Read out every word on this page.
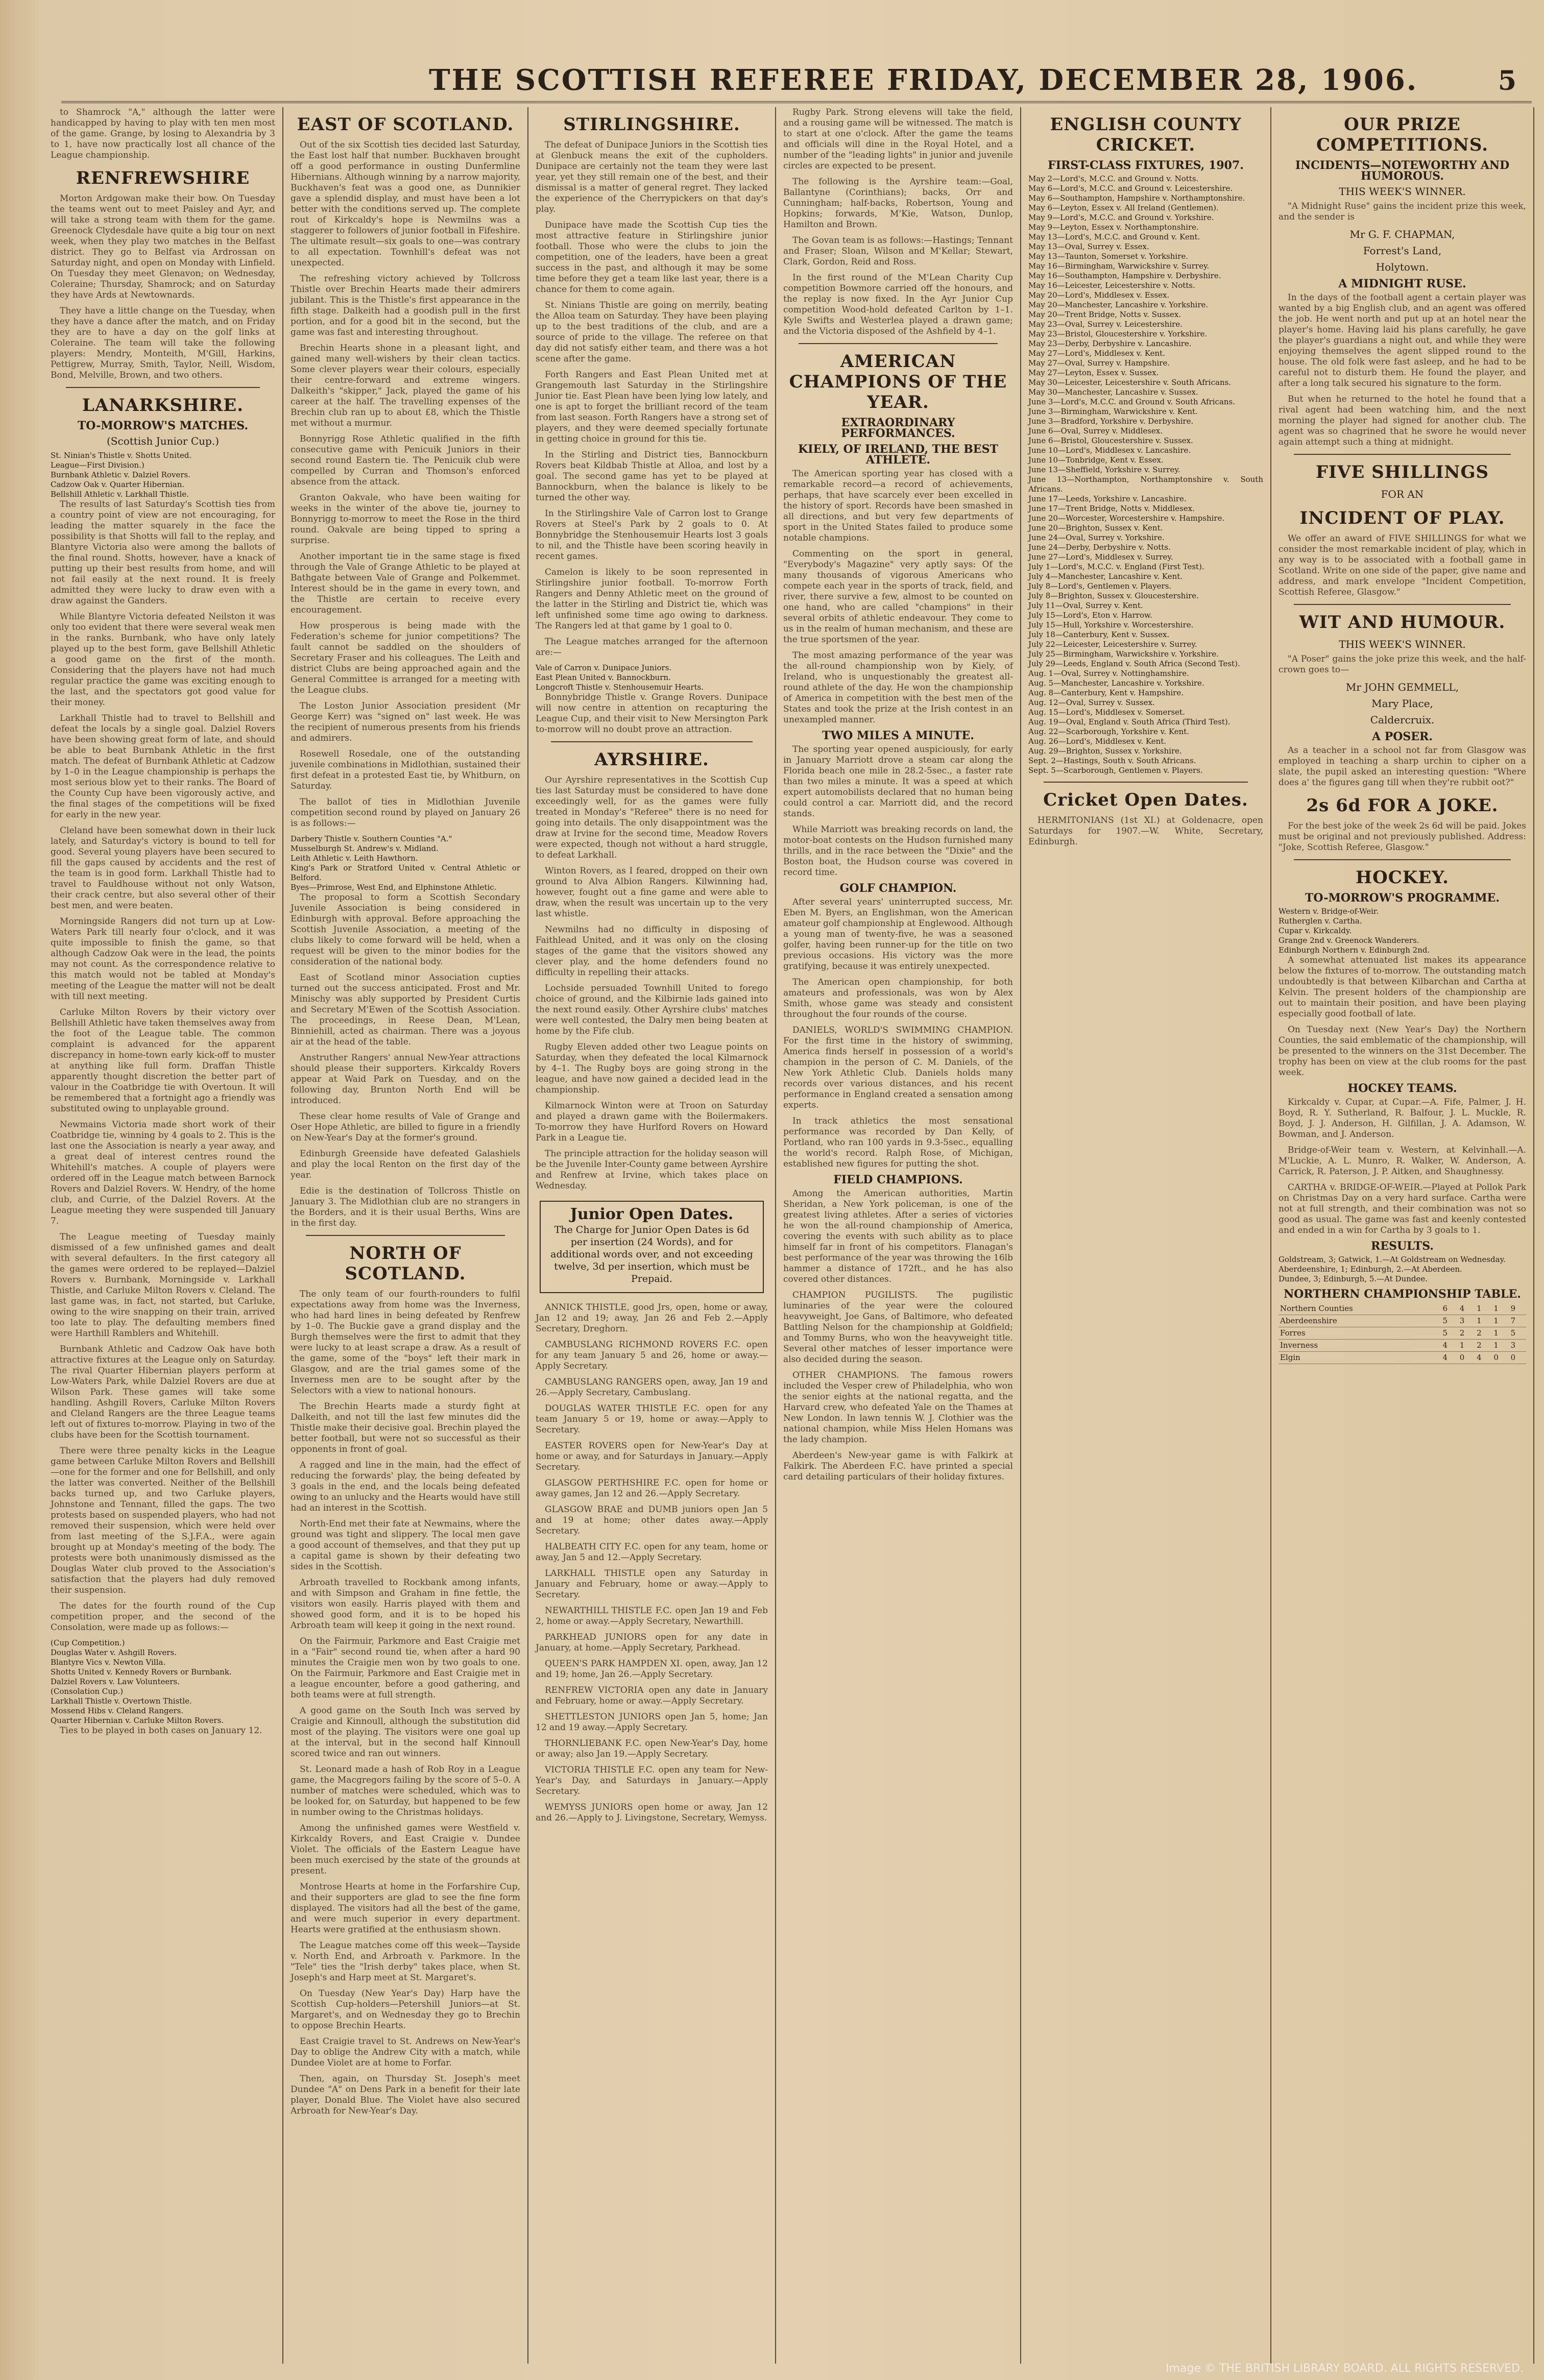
THE SCOTTISH REFEREE FRIDAY, DECEMBER 28, 1906.	5

to Shamrock "A," although the latter were handicapped by having to play with ten men most of the game. Grange, by losing to Alexandria by 3 to 1, have now practically lost all chance of the League championship.

RENFREWSHIRE

Morton Ardgowan make their bow. On Tuesday the teams went out to meet Paisley and Ayr, and will take a strong team with them for the game. Greenock Clydesdale have quite a big tour on next week, when they play two matches in the Belfast district. They go to Belfast via Ardrossan on Saturday night, and open on Monday with Linfield. On Tuesday they meet Glenavon; on Wednesday, Coleraine; Thursday, Shamrock; and on Saturday they have Ards at Newtownards.

They have a little change on the Tuesday, when they have a dance after the match, and on Friday they are to have a day on the golf links at Coleraine. The team will take the following players: Mendry, Monteith, M'Gill, Harkins, Pettigrew, Murray, Smith, Taylor, Neill, Wisdom, Bond, Melville, Brown, and two others.

LANARKSHIRE.
TO-MORROW'S MATCHES.
(Scottish Junior Cup.)

St. Ninian's Thistle v. Shotts United.

League—First Division.)

Burnbank Athletic v. Dalziel Rovers.

Cadzow Oak v. Quarter Hibernian.

Bellshill Athletic v. Larkhall Thistle.

The results of last Saturday's Scottish ties from a country point of view are not encouraging, for leading the matter squarely in the face the possibility is that Shotts will fall to the replay, and Blantyre Victoria also were among the ballots of the final round. Shotts, however, have a knack of putting up their best results from home, and will not fail easily at the next round. It is freely admitted they were lucky to draw even with a draw against the Ganders.

While Blantyre Victoria defeated Neilston it was only too evident that there were several weak men in the ranks. Burnbank, who have only lately played up to the best form, gave Bellshill Athletic a good game on the first of the month. Considering that the players have not had much regular practice the game was exciting enough to the last, and the spectators got good value for their money.

Larkhall Thistle had to travel to Bellshill and defeat the locals by a single goal. Dalziel Rovers have been showing great form of late, and should be able to beat Burnbank Athletic in the first match. The defeat of Burnbank Athletic at Cadzow by 1–0 in the League championship is perhaps the most serious blow yet to their ranks. The Board of the County Cup have been vigorously active, and the final stages of the competitions will be fixed for early in the new year.

Cleland have been somewhat down in their luck lately, and Saturday's victory is bound to tell for good. Several young players have been secured to fill the gaps caused by accidents and the rest of the team is in good form. Larkhall Thistle had to travel to Fauldhouse without not only Watson, their crack centre, but also several other of their best men, and were beaten.

Morningside Rangers did not turn up at Low-Waters Park till nearly four o'clock, and it was quite impossible to finish the game, so that although Cadzow Oak were in the lead, the points may not count. As the correspondence relative to this match would not be tabled at Monday's meeting of the League the matter will not be dealt with till next meeting.

Carluke Milton Rovers by their victory over Bellshill Athletic have taken themselves away from the foot of the League table. The common complaint is advanced for the apparent discrepancy in home-town early kick-off to muster at anything like full form. Draffan Thistle apparently thought discretion the better part of valour in the Coatbridge tie with Overtoun. It will be remembered that a fortnight ago a friendly was substituted owing to unplayable ground.

Newmains Victoria made short work of their Coatbridge tie, winning by 4 goals to 2. This is the last one the Association is nearly a year away, and a great deal of interest centres round the Whitehill's matches. A couple of players were ordered off in the League match between Barnock Rovers and Dalziel Rovers. W. Hendry, of the home club, and Currie, of the Dalziel Rovers. At the League meeting they were suspended till January 7.

The League meeting of Tuesday mainly dismissed of a few unfinished games and dealt with several defaulters. In the first category all the games were ordered to be replayed—Dalziel Rovers v. Burnbank, Morningside v. Larkhall Thistle, and Carluke Milton Rovers v. Cleland. The last game was, in fact, not started, but Carluke, owing to the wire snapping on their train, arrived too late to play. The defaulting members fined were Harthill Ramblers and Whitehill.

Burnbank Athletic and Cadzow Oak have both attractive fixtures at the League only on Saturday. The rival Quarter Hibernian players perform at Low-Waters Park, while Dalziel Rovers are due at Wilson Park. These games will take some handling. Ashgill Rovers, Carluke Milton Rovers and Cleland Rangers are the three League teams left out of fixtures to-morrow. Playing in two of the clubs have been for the Scottish tournament.

There were three penalty kicks in the League game between Carluke Milton Rovers and Bellshill—one for the former and one for Bellshill, and only the latter was converted. Neither of the Bellshill backs turned up, and two Carluke players, Johnstone and Tennant, filled the gaps. The two protests based on suspended players, who had not removed their suspension, which were held over from last meeting of the S.J.F.A., were again brought up at Monday's meeting of the body. The protests were both unanimously dismissed as the Douglas Water club proved to the Association's satisfaction that the players had duly removed their suspension.

The dates for the fourth round of the Cup competition proper, and the second of the Consolation, were made up as follows:—

(Cup Competition.)

Douglas Water v. Ashgill Rovers.

Blantyre Vics v. Newton Villa.

Shotts United v. Kennedy Rovers or Burnbank.

Dalziel Rovers v. Law Volunteers.

(Consolation Cup.)

Larkhall Thistle v. Overtown Thistle.

Mossend Hibs v. Cleland Rangers.

Quarter Hibernian v. Carluke Milton Rovers.

Ties to be played in both cases on January 12.

EAST OF SCOTLAND.

Out of the six Scottish ties decided last Saturday, the East lost half that number. Buckhaven brought off a good performance in ousting Dunfermline Hibernians. Although winning by a narrow majority, Buckhaven's feat was a good one, as Dunnikier gave a splendid display, and must have been a lot better with the conditions served up. The complete rout of Kirkcaldy's hope is Newmilns was a staggerer to followers of junior football in Fifeshire. The ultimate result—six goals to one—was contrary to all expectation. Townhill's defeat was not unexpected.

The refreshing victory achieved by Tollcross Thistle over Brechin Hearts made their admirers jubilant. This is the Thistle's first appearance in the fifth stage. Dalkeith had a goodish pull in the first portion, and for a good bit in the second, but the game was fast and interesting throughout.

Brechin Hearts shone in a pleasant light, and gained many well-wishers by their clean tactics. Some clever players wear their colours, especially their centre-forward and extreme wingers. Dalkeith's "skipper," Jack, played the game of his career at the half. The travelling expenses of the Brechin club ran up to about £8, which the Thistle met without a murmur.

Bonnyrigg Rose Athletic qualified in the fifth consecutive game with Penicuik Juniors in their second round Eastern tie. The Penicuik club were compelled by Curran and Thomson's enforced absence from the attack.

Granton Oakvale, who have been waiting for weeks in the winter of the above tie, journey to Bonnyrigg to-morrow to meet the Rose in the third round. Oakvale are being tipped to spring a surprise.

Another important tie in the same stage is fixed through the Vale of Grange Athletic to be played at Bathgate between Vale of Grange and Polkemmet. Interest should be in the game in every town, and the Thistle are certain to receive every encouragement.

How prosperous is being made with the Federation's scheme for junior competitions? The fault cannot be saddled on the shoulders of Secretary Fraser and his colleagues. The Leith and district Clubs are being approached again and the General Committee is arranged for a meeting with the League clubs.

The Loston Junior Association president (Mr George Kerr) was "signed on" last week. He was the recipient of numerous presents from his friends and admirers.

Rosewell Rosedale, one of the outstanding juvenile combinations in Midlothian, sustained their first defeat in a protested East tie, by Whitburn, on Saturday.

The ballot of ties in Midlothian Juvenile competition second round by played on January 26 is as follows:—

Darbery Thistle v. Southern Counties "A."

Musselburgh St. Andrew's v. Midland.

Leith Athletic v. Leith Hawthorn.

King's Park or Stratford United v. Central Athletic or Belford.

Byes—Primrose, West End, and Elphinstone Athletic.

The proposal to form a Scottish Secondary Juvenile Association is being considered in Edinburgh with approval. Before approaching the Scottish Juvenile Association, a meeting of the clubs likely to come forward will be held, when a request will be given to the minor bodies for the consideration of the national body.

East of Scotland minor Association cupties turned out the success anticipated. Frost and Mr. Minischy was ably supported by President Curtis and Secretary M'Ewen of the Scottish Association. The proceedings, in Reese Dean, M'Lean, Binniehill, acted as chairman. There was a joyous air at the head of the table.

Anstruther Rangers' annual New-Year attractions should please their supporters. Kirkcaldy Rovers appear at Waid Park on Tuesday, and on the following day, Brunton North End will be introduced.

These clear home results of Vale of Grange and Oser Hope Athletic, are billed to figure in a friendly on New-Year's Day at the former's ground.

Edinburgh Greenside have defeated Galashiels and play the local Renton on the first day of the year.

Edie is the destination of Tollcross Thistle on January 3. The Midlothian club are no strangers in the Borders, and it is their usual Berths, Wins are in the first day.

NORTH OF SCOTLAND.

The only team of our fourth-rounders to fulfil expectations away from home was the Inverness, who had hard lines in being defeated by Renfrew by 1–0. The Buckie gave a grand display and the Burgh themselves were the first to admit that they were lucky to at least scrape a draw. As a result of the game, some of the "boys" left their mark in Glasgow, and are the trial games some of the Inverness men are to be sought after by the Selectors with a view to national honours.

The Brechin Hearts made a sturdy fight at Dalkeith, and not till the last few minutes did the Thistle make their decisive goal. Brechin played the better football, but were not so successful as their opponents in front of goal.

A ragged and line in the main, had the effect of reducing the forwards' play, the being defeated by 3 goals in the end, and the locals being defeated owing to an unlucky and the Hearts would have still had an interest in the Scottish.

North-End met their fate at Newmains, where the ground was tight and slippery. The local men gave a good account of themselves, and that they put up a capital game is shown by their defeating two sides in the Scottish.

Arbroath travelled to Rockbank among infants, and with Simpson and Graham in fine fettle, the visitors won easily. Harris played with them and showed good form, and it is to be hoped his Arbroath team will keep it going in the next round.

On the Fairmuir, Parkmore and East Craigie met in a "Fair" second round tie, when after a hard 90 minutes the Craigie men won by two goals to one. On the Fairmuir, Parkmore and East Craigie met in a league encounter, before a good gathering, and both teams were at full strength.

A good game on the South Inch was served by Craigie and Kinnoull, although the substitution did most of the playing. The visitors were one goal up at the interval, but in the second half Kinnoull scored twice and ran out winners.

St. Leonard made a hash of Rob Roy in a League game, the Macgregors failing by the score of 5–0. A number of matches were scheduled, which was to be looked for, on Saturday, but happened to be few in number owing to the Christmas holidays.

Among the unfinished games were Westfield v. Kirkcaldy Rovers, and East Craigie v. Dundee Violet. The officials of the Eastern League have been much exercised by the state of the grounds at present.

Montrose Hearts at home in the Forfarshire Cup, and their supporters are glad to see the fine form displayed. The visitors had all the best of the game, and were much superior in every department. Hearts were gratified at the enthusiasm shown.

The League matches come off this week—Tayside v. North End, and Arbroath v. Parkmore. In the "Tele" ties the "Irish derby" takes place, when St. Joseph's and Harp meet at St. Margaret's.

On Tuesday (New Year's Day) Harp have the Scottish Cup-holders—Petershill Juniors—at St. Margaret's, and on Wednesday they go to Brechin to oppose Brechin Hearts.

East Craigie travel to St. Andrews on New-Year's Day to oblige the Andrew City with a match, while Dundee Violet are at home to Forfar.

Then, again, on Thursday St. Joseph's meet Dundee "A" on Dens Park in a benefit for their late player, Donald Blue. The Violet have also secured Arbroath for New-Year's Day.

STIRLINGSHIRE.

The defeat of Dunipace Juniors in the Scottish ties at Glenbuck means the exit of the cupholders. Dunipace are certainly not the team they were last year, yet they still remain one of the best, and their dismissal is a matter of general regret. They lacked the experience of the Cherrypickers on that day's play.

Dunipace have made the Scottish Cup ties the most attractive feature in Stirlingshire junior football. Those who were the clubs to join the competition, one of the leaders, have been a great success in the past, and although it may be some time before they get a team like last year, there is a chance for them to come again.

St. Ninians Thistle are going on merrily, beating the Alloa team on Saturday. They have been playing up to the best traditions of the club, and are a source of pride to the village. The referee on that day did not satisfy either team, and there was a hot scene after the game.

Forth Rangers and East Plean United met at Grangemouth last Saturday in the Stirlingshire Junior tie. East Plean have been lying low lately, and one is apt to forget the brilliant record of the team from last season. Forth Rangers have a strong set of players, and they were deemed specially fortunate in getting choice in ground for this tie.

In the Stirling and District ties, Bannockburn Rovers beat Kildbab Thistle at Alloa, and lost by a goal. The second game has yet to be played at Bannockburn, when the balance is likely to be turned the other way.

In the Stirlingshire Vale of Carron lost to Grange Rovers at Steel's Park by 2 goals to 0. At Bonnybridge the Stenhousemuir Hearts lost 3 goals to nil, and the Thistle have been scoring heavily in recent games.

Camelon is likely to be soon represented in Stirlingshire junior football. To-morrow Forth Rangers and Denny Athletic meet on the ground of the latter in the Stirling and District tie, which was left unfinished some time ago owing to darkness. The Rangers led at that game by 1 goal to 0.

The League matches arranged for the afternoon are:—

Vale of Carron v. Dunipace Juniors.

East Plean United v. Bannockburn.

Longcroft Thistle v. Stenhousemuir Hearts.

Bonnybridge Thistle v. Grange Rovers. Dunipace will now centre in attention on recapturing the League Cup, and their visit to New Mersington Park to-morrow will no doubt prove an attraction.

AYRSHIRE.

Our Ayrshire representatives in the Scottish Cup ties last Saturday must be considered to have done exceedingly well, for as the games were fully treated in Monday's "Referee" there is no need for going into details. The only disappointment was the draw at Irvine for the second time, Meadow Rovers were expected, though not without a hard struggle, to defeat Larkhall.

Winton Rovers, as I feared, dropped on their own ground to Alva Albion Rangers. Kilwinning had, however, fought out a fine game and were able to draw, when the result was uncertain up to the very last whistle.

Newmilns had no difficulty in disposing of Faithlead United, and it was only on the closing stages of the game that the visitors showed any clever play, and the home defenders found no difficulty in repelling their attacks.

Lochside persuaded Townhill United to forego choice of ground, and the Kilbirnie lads gained into the next round easily. Other Ayrshire clubs' matches were well contested, the Dalry men being beaten at home by the Fife club.

Rugby Eleven added other two League points on Saturday, when they defeated the local Kilmarnock by 4–1. The Rugby boys are going strong in the league, and have now gained a decided lead in the championship.

Kilmarnock Winton were at Troon on Saturday and played a drawn game with the Boilermakers. To-morrow they have Hurlford Rovers on Howard Park in a League tie.

The principle attraction for the holiday season will be the Juvenile Inter-County game between Ayrshire and Renfrew at Irvine, which takes place on Wednesday.

Junior Open Dates.
The Charge for Junior Open Dates is 6d per insertion (24 Words), and for additional words over, and not exceeding twelve, 3d per insertion, which must be Prepaid.

ANNICK THISTLE, good Jrs, open, home or away, Jan 12 and 19; away, Jan 26 and Feb 2.—Apply Secretary, Dreghorn.

CAMBUSLANG RICHMOND ROVERS F.C. open for any team January 5 and 26, home or away.—Apply Secretary.

CAMBUSLANG RANGERS open, away, Jan 19 and 26.—Apply Secretary, Cambuslang.

DOUGLAS WATER THISTLE F.C. open for any team January 5 or 19, home or away.—Apply to Secretary.

EASTER ROVERS open for New-Year's Day at home or away, and for Saturdays in January.—Apply Secretary.

GLASGOW PERTHSHIRE F.C. open for home or away games, Jan 12 and 26.—Apply Secretary.

GLASGOW BRAE and DUMB juniors open Jan 5 and 19 at home; other dates away.—Apply Secretary.

HALBEATH CITY F.C. open for any team, home or away, Jan 5 and 12.—Apply Secretary.

LARKHALL THISTLE open any Saturday in January and February, home or away.—Apply to Secretary.

NEWARTHILL THISTLE F.C. open Jan 19 and Feb 2, home or away.—Apply Secretary, Newarthill.

PARKHEAD JUNIORS open for any date in January, at home.—Apply Secretary, Parkhead.

QUEEN'S PARK HAMPDEN XI. open, away, Jan 12 and 19; home, Jan 26.—Apply Secretary.

RENFREW VICTORIA open any date in January and February, home or away.—Apply Secretary.

SHETTLESTON JUNIORS open Jan 5, home; Jan 12 and 19 away.—Apply Secretary.

THORNLIEBANK F.C. open New-Year's Day, home or away; also Jan 19.—Apply Secretary.

VICTORIA THISTLE F.C. open any team for New-Year's Day, and Saturdays in January.—Apply Secretary.

WEMYSS JUNIORS open home or away, Jan 12 and 26.—Apply to J. Livingstone, Secretary, Wemyss.

Rugby Park. Strong elevens will take the field, and a rousing game will be witnessed. The match is to start at one o'clock. After the game the teams and officials will dine in the Royal Hotel, and a number of the "leading lights" in junior and juvenile circles are expected to be present.

The following is the Ayrshire team:—Goal, Ballantyne (Corinthians); backs, Orr and Cunningham; half-backs, Robertson, Young and Hopkins; forwards, M'Kie, Watson, Dunlop, Hamilton and Brown.

The Govan team is as follows:—Hastings; Tennant and Fraser; Sloan, Wilson and M'Kellar; Stewart, Clark, Gordon, Reid and Ross.

In the first round of the M'Lean Charity Cup competition Bowmore carried off the honours, and the replay is now fixed. In the Ayr Junior Cup competition Wood-hold defeated Carlton by 1–1. Kyle Swifts and Westerlea played a drawn game; and the Victoria disposed of the Ashfield by 4–1.

AMERICAN CHAMPIONS OF THE YEAR.
EXTRAORDINARY PERFORMANCES.
KIELY, OF IRELAND, THE BEST ATHLETE.

The American sporting year has closed with a remarkable record—a record of achievements, perhaps, that have scarcely ever been excelled in the history of sport. Records have been smashed in all directions, and but very few departments of sport in the United States failed to produce some notable champions.

Commenting on the sport in general, "Everybody's Magazine" very aptly says: Of the many thousands of vigorous Americans who compete each year in the sports of track, field, and river, there survive a few, almost to be counted on one hand, who are called "champions" in their several orbits of athletic endeavour. They come to us in the realm of human mechanism, and these are the true sportsmen of the year.

The most amazing performance of the year was the all-round championship won by Kiely, of Ireland, who is unquestionably the greatest all-round athlete of the day. He won the championship of America in competition with the best men of the States and took the prize at the Irish contest in an unexampled manner.

TWO MILES A MINUTE.

The sporting year opened auspiciously, for early in January Marriott drove a steam car along the Florida beach one mile in 28.2-5sec., a faster rate than two miles a minute. It was a speed at which expert automobilists declared that no human being could control a car. Marriott did, and the record stands.

While Marriott was breaking records on land, the motor-boat contests on the Hudson furnished many thrills, and in the race between the "Dixie" and the Boston boat, the Hudson course was covered in record time.

GOLF CHAMPION.

After several years' uninterrupted success, Mr. Eben M. Byers, an Englishman, won the American amateur golf championship at Englewood. Although a young man of twenty-five, he was a seasoned golfer, having been runner-up for the title on two previous occasions. His victory was the more gratifying, because it was entirely unexpected.

The American open championship, for both amateurs and professionals, was won by Alex Smith, whose game was steady and consistent throughout the four rounds of the course.

DANIELS, WORLD'S SWIMMING CHAMPION. For the first time in the history of swimming, America finds herself in possession of a world's champion in the person of C. M. Daniels, of the New York Athletic Club. Daniels holds many records over various distances, and his recent performance in England created a sensation among experts.

In track athletics the most sensational performance was recorded by Dan Kelly, of Portland, who ran 100 yards in 9.3-5sec., equalling the world's record. Ralph Rose, of Michigan, established new figures for putting the shot.

FIELD CHAMPIONS.

Among the American authorities, Martin Sheridan, a New York policeman, is one of the greatest living athletes. After a series of victories he won the all-round championship of America, covering the events with such ability as to place himself far in front of his competitors. Flanagan's best performance of the year was throwing the 16lb hammer a distance of 172ft., and he has also covered other distances.

CHAMPION PUGILISTS. The pugilistic luminaries of the year were the coloured heavyweight, Joe Gans, of Baltimore, who defeated Battling Nelson for the championship at Goldfield; and Tommy Burns, who won the heavyweight title. Several other matches of lesser importance were also decided during the season.

OTHER CHAMPIONS. The famous rowers included the Vesper crew of Philadelphia, who won the senior eights at the national regatta, and the Harvard crew, who defeated Yale on the Thames at New London. In lawn tennis W. J. Clothier was the national champion, while Miss Helen Homans was the lady champion.

Aberdeen's New-year game is with Falkirk at Falkirk. The Aberdeen F.C. have printed a special card detailing particulars of their holiday fixtures.

ENGLISH COUNTY CRICKET.
FIRST-CLASS FIXTURES, 1907.

May 2—Lord's, M.C.C. and Ground v. Notts.

May 6—Lord's, M.C.C. and Ground v. Leicestershire.

May 6—Southampton, Hampshire v. Northamptonshire.

May 6—Leyton, Essex v. All Ireland (Gentlemen).

May 9—Lord's, M.C.C. and Ground v. Yorkshire.

May 9—Leyton, Essex v. Northamptonshire.

May 13—Lord's, M.C.C. and Ground v. Kent.

May 13—Oval, Surrey v. Essex.

May 13—Taunton, Somerset v. Yorkshire.

May 16—Birmingham, Warwickshire v. Surrey.

May 16—Southampton, Hampshire v. Derbyshire.

May 16—Leicester, Leicestershire v. Notts.

May 20—Lord's, Middlesex v. Essex.

May 20—Manchester, Lancashire v. Yorkshire.

May 20—Trent Bridge, Notts v. Sussex.

May 23—Oval, Surrey v. Leicestershire.

May 23—Bristol, Gloucestershire v. Yorkshire.

May 23—Derby, Derbyshire v. Lancashire.

May 27—Lord's, Middlesex v. Kent.

May 27—Oval, Surrey v. Hampshire.

May 27—Leyton, Essex v. Sussex.

May 30—Leicester, Leicestershire v. South Africans.

May 30—Manchester, Lancashire v. Sussex.

June 3—Lord's, M.C.C. and Ground v. South Africans.

June 3—Birmingham, Warwickshire v. Kent.

June 3—Bradford, Yorkshire v. Derbyshire.

June 6—Oval, Surrey v. Middlesex.

June 6—Bristol, Gloucestershire v. Sussex.

June 10—Lord's, Middlesex v. Lancashire.

June 10—Tonbridge, Kent v. Essex.

June 13—Sheffield, Yorkshire v. Surrey.

June 13—Northampton, Northamptonshire v. South Africans.

June 17—Leeds, Yorkshire v. Lancashire.

June 17—Trent Bridge, Notts v. Middlesex.

June 20—Worcester, Worcestershire v. Hampshire.

June 20—Brighton, Sussex v. Kent.

June 24—Oval, Surrey v. Yorkshire.

June 24—Derby, Derbyshire v. Notts.

June 27—Lord's, Middlesex v. Surrey.

July 1—Lord's, M.C.C. v. England (First Test).

July 4—Manchester, Lancashire v. Kent.

July 8—Lord's, Gentlemen v. Players.

July 8—Brighton, Sussex v. Gloucestershire.

July 11—Oval, Surrey v. Kent.

July 15—Lord's, Eton v. Harrow.

July 15—Hull, Yorkshire v. Worcestershire.

July 18—Canterbury, Kent v. Sussex.

July 22—Leicester, Leicestershire v. Surrey.

July 25—Birmingham, Warwickshire v. Yorkshire.

July 29—Leeds, England v. South Africa (Second Test).

Aug. 1—Oval, Surrey v. Nottinghamshire.

Aug. 5—Manchester, Lancashire v. Yorkshire.

Aug. 8—Canterbury, Kent v. Hampshire.

Aug. 12—Oval, Surrey v. Sussex.

Aug. 15—Lord's, Middlesex v. Somerset.

Aug. 19—Oval, England v. South Africa (Third Test).

Aug. 22—Scarborough, Yorkshire v. Kent.

Aug. 26—Lord's, Middlesex v. Kent.

Aug. 29—Brighton, Sussex v. Yorkshire.

Sept. 2—Hastings, South v. South Africans.

Sept. 5—Scarborough, Gentlemen v. Players.

Cricket Open Dates.

HERMITONIANS (1st XI.) at Goldenacre, open Saturdays for 1907.—W. White, Secretary, Edinburgh.

OUR PRIZE COMPETITIONS.
INCIDENTS—NOTEWORTHY AND HUMOROUS.
THIS WEEK'S WINNER.

"A Midnight Ruse" gains the incident prize this week, and the sender is

Mr G. F. CHAPMAN,
Forrest's Land,
Holytown.
A MIDNIGHT RUSE.

In the days of the football agent a certain player was wanted by a big English club, and an agent was offered the job. He went north and put up at an hotel near the player's home. Having laid his plans carefully, he gave the player's guardians a night out, and while they were enjoying themselves the agent slipped round to the house. The old folk were fast asleep, and he had to be careful not to disturb them. He found the player, and after a long talk secured his signature to the form.

But when he returned to the hotel he found that a rival agent had been watching him, and the next morning the player had signed for another club. The agent was so chagrined that he swore he would never again attempt such a thing at midnight.

FIVE SHILLINGS
FOR AN
INCIDENT OF PLAY.

We offer an award of FIVE SHILLINGS for what we consider the most remarkable incident of play, which in any way is to be associated with a football game in Scotland. Write on one side of the paper, give name and address, and mark envelope "Incident Competition, Scottish Referee, Glasgow."

WIT AND HUMOUR.
THIS WEEK'S WINNER.

"A Poser" gains the joke prize this week, and the half-crown goes to—

Mr JOHN GEMMELL,
Mary Place,
Caldercruix.
A POSER.

As a teacher in a school not far from Glasgow was employed in teaching a sharp urchin to cipher on a slate, the pupil asked an interesting question: "Where does a' the figures gang till when they're rubbit oot?"

2s 6d FOR A JOKE.

For the best joke of the week 2s 6d will be paid. Jokes must be original and not previously published. Address: "Joke, Scottish Referee, Glasgow."

HOCKEY.
TO-MORROW'S PROGRAMME.

Western v. Bridge-of-Weir.

Rutherglen v. Cartha.

Cupar v. Kirkcaldy.

Grange 2nd v. Greenock Wanderers.

Edinburgh Northern v. Edinburgh 2nd.

A somewhat attenuated list makes its appearance below the fixtures of to-morrow. The outstanding match undoubtedly is that between Kilbarchan and Cartha at Kelvin. The present holders of the championship are out to maintain their position, and have been playing especially good football of late.

On Tuesday next (New Year's Day) the Northern Counties, the said emblematic of the championship, will be presented to the winners on the 31st December. The trophy has been on view at the club rooms for the past week.

HOCKEY TEAMS.

Kirkcaldy v. Cupar, at Cupar.—A. Fife, Palmer, J. H. Boyd, R. Y. Sutherland, R. Balfour, J. L. Muckle, R. Boyd, J. J. Anderson, H. Gilfillan, J. A. Adamson, W. Bowman, and J. Anderson.

Bridge-of-Weir team v. Western, at Kelvinhall.—A. M'Luckie, A. L. Munro, R. Walker, W. Anderson, A. Carrick, R. Paterson, J. P. Aitken, and Shaughnessy.

CARTHA v. BRIDGE-OF-WEIR.—Played at Pollok Park on Christmas Day on a very hard surface. Cartha were not at full strength, and their combination was not so good as usual. The game was fast and keenly contested and ended in a win for Cartha by 3 goals to 1.

RESULTS.

Goldstream, 3; Gatwick, 1.—At Goldstream on Wednesday.

Aberdeenshire, 1; Edinburgh, 2.—At Aberdeen.

Dundee, 3; Edinburgh, 5.—At Dundee.

NORTHERN CHAMPIONSHIP TABLE.
Northern Counties	6	4	1	1	9
Aberdeenshire	5	3	1	1	7
Forres	5	2	2	1	5
Inverness	4	1	2	1	3
Elgin	4	0	4	0	0
Image © THE BRITISH LIBRARY BOARD. ALL RIGHTS RESERVED.
